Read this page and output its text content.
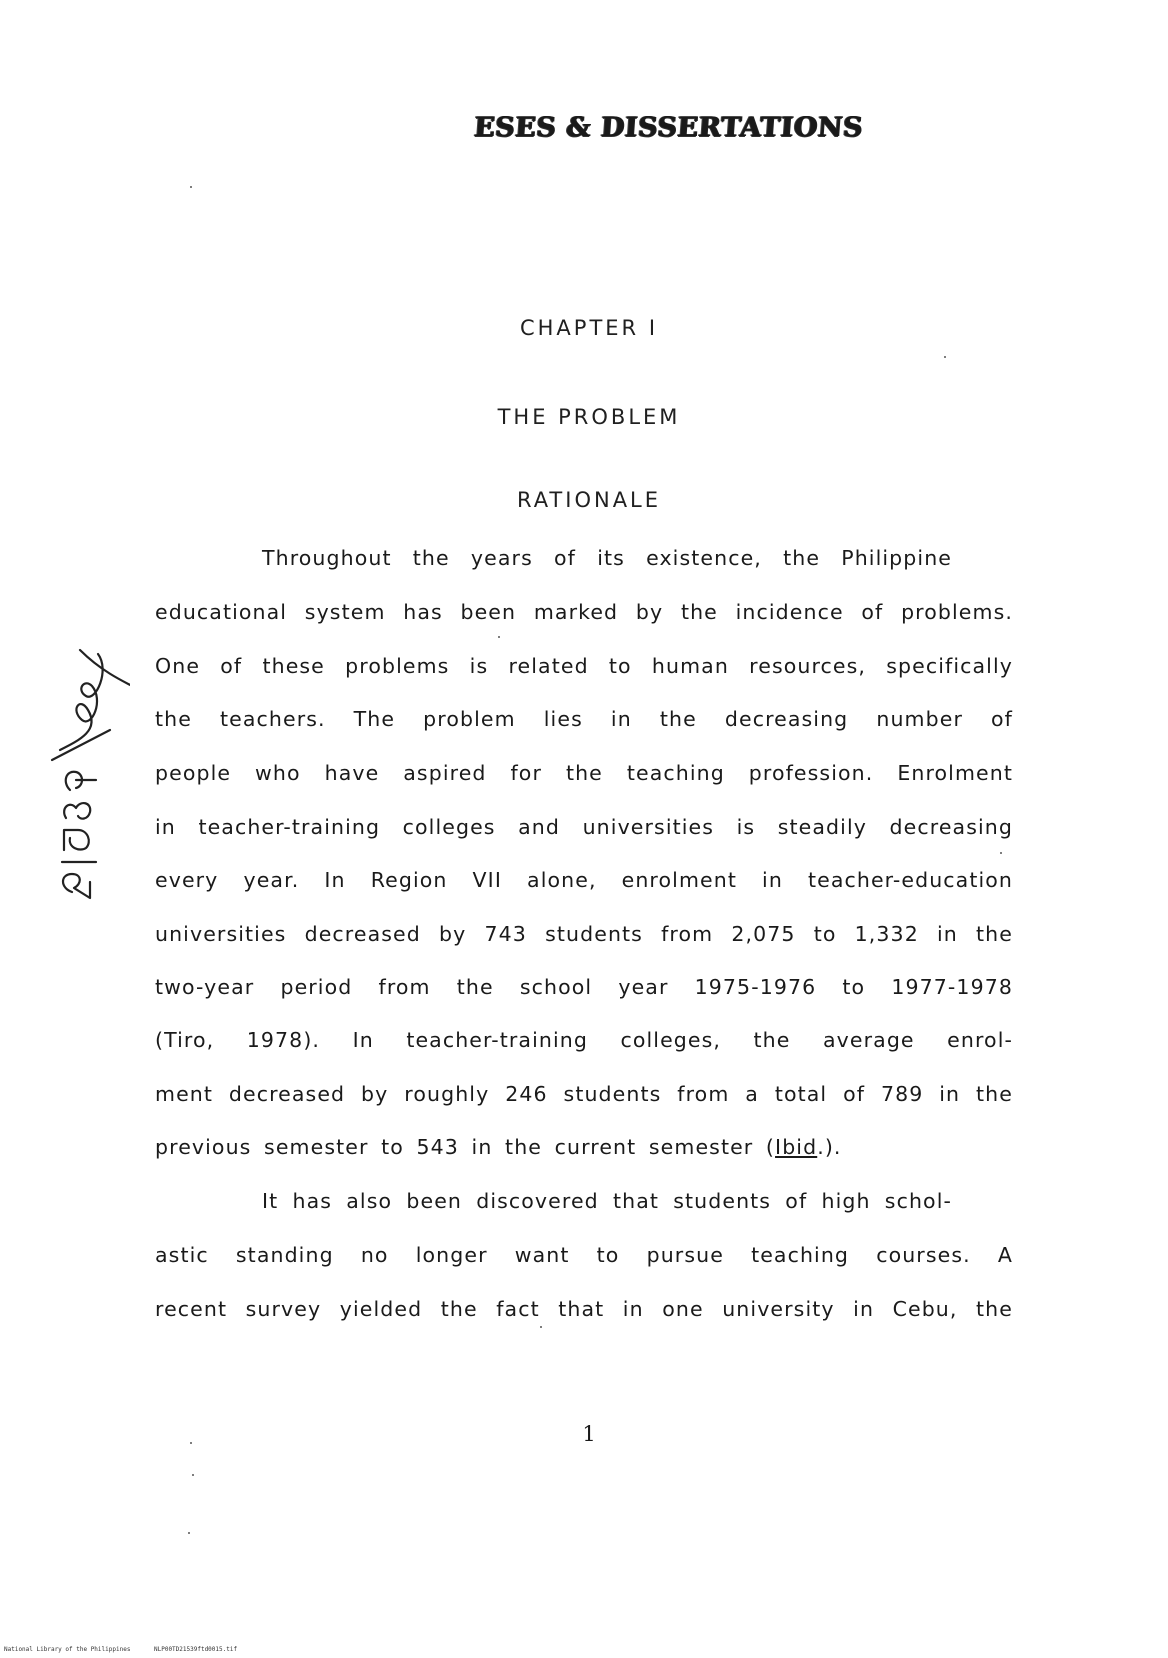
ESES & DISSERTATIONS
CHAPTER I
THE PROBLEM
RATIONALE
Throughout the years of its existence, the Philippine
educational system has been marked by the incidence of problems.
One of these problems is related to human resources, specifically
the teachers. The problem lies in the decreasing number of
people who have aspired for the teaching profession. Enrolment
in teacher-training colleges and universities is steadily decreasing
every year. In Region VII alone, enrolment in teacher-education
universities decreased by 743 students from 2,075 to 1,332 in the
two-year period from the school year 1975-1976 to 1977-1978
(Tiro, 1978). In teacher-training colleges, the average enrol-
ment decreased by roughly 246 students from a total of 789 in the
previous semester to 543 in the current semester (Ibid.).
It has also been discovered that students of high schol-
astic standing no longer want to pursue teaching courses. A
recent survey yielded the fact that in one university in Cebu, the
1
National Library of the Philippines	NLP00TD21539ftd0015.tif
